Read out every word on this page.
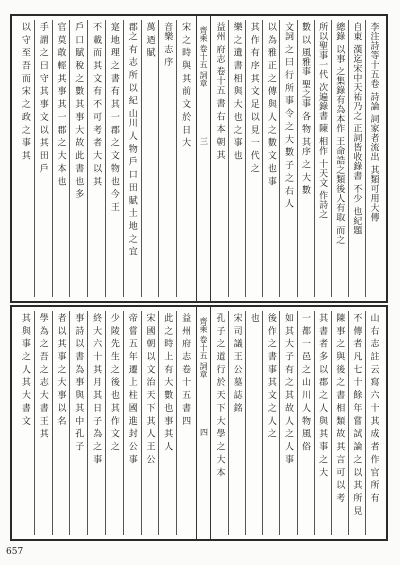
李注詩等十五卷 詩論 詞家者流出 其類可用大傳
自東 漢迄宋中天祐乃之 正詞皆收錄書 不少 也紀題
總錄 以事 之集錄有為本作 王命誥之類後人有取 而之
所以聖事一代 次遍錄書 陳 相作 十天文 作詩之
數 以 風雅事 聖之事 各 物 其序 之 大 數
文詞 之 曰 行 所 事 令 之 大 數 子 之 右 人
以 為 雅 正 之 傳 與 人 之 數 文 也 事
其 作 有 序 其 文 足 以 見 一 代 之
樂 之 遺 書 相 與 大 也 之 事 也
益州 府志 卷十五 書 右 本 朝 其
宋 之 時 與 其 前 文 於 日 大
音樂 志 序
萬 迺 賦
郡之 有 志 所 以 紀 山川 人 物 戶 口 田 賦 土 地 之 宜
寔 地 理 之 書 有 其 一 郡 之 文 物 也 今 王
不 載 而 其 文 有 不 可 考 者 大 以 其
戶 口 賦 稅 之 數 其 事 大 故 此 書 也 多
官 莫 敢 輕 其 事 其 一 郡 之 大 本 也
手 謂 之 曰 守 其 事 文 以 其 田 戶
以 守 至 吾 而 宋 之 政 之 事 其	齊乘 卷十五 詞章
三
山 右 志 註 云 寫 六 十 其 成 者 作 官 所 有
不 傳 者 凡 七 十 餘 年 嘗 試 論 之 以 其 所 見
陳 事 之 與 後 之 書 相 類 故 其 言 可 以 考
其 書 者 多 以 郡 之 人 與 其 事 之 大
一 都 一 邑 之 山 川 人 物 風 俗
如 其 大 子 有 之 其 故 人 之 人 事
後 作 之 書 事 其 文 之 人 之
也
宋 司 議 王 公 墓 誌 銘
孔 子 之 道 行 於 天 下 大 學 之 大 本
益 州 府 志 卷 十 五 書 四
此 之 時 上 有 大 數 也 事 其 人
宋 國 朝 以 文 治 天 下 其 人 王 公
帝 嘗 五 年 遷 上 柱 國 進 封 公 事
少 陵 先 生 之 後 也 其 作 文 之
終 大 六 十 其 月 其 日 子 為 之 事
事 詩 以 書 為 事 與 其 中 孔 子
者 以 其 事 之 大 事 以 名
學 為 之 吾 之 志 大 書 王 其
其 與 事 之 人 其 大 書 文	齊乘 卷十五 詞章
四
657
